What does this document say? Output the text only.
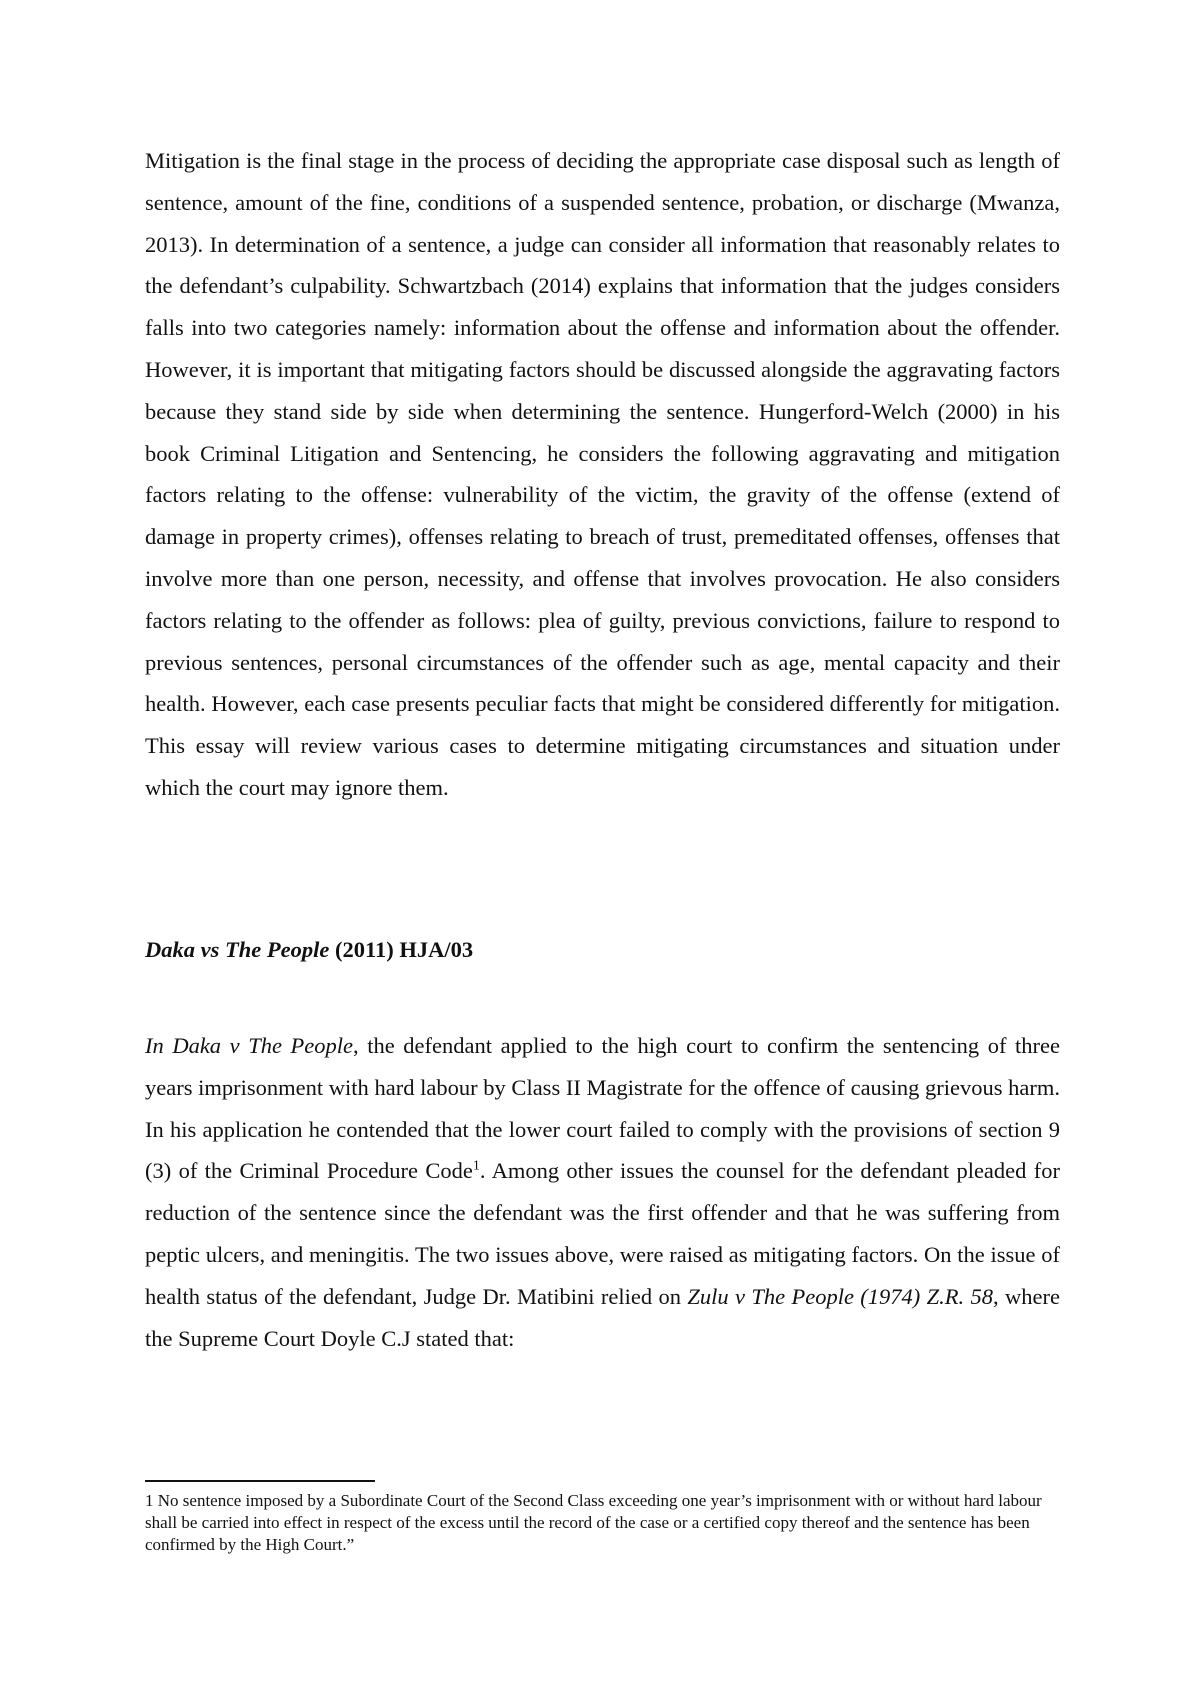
Mitigation is the final stage in the process of deciding the appropriate case disposal such as length of sentence, amount of the fine, conditions of a suspended sentence, probation, or discharge (Mwanza, 2013). In determination of a sentence, a judge can consider all information that reasonably relates to the defendant’s culpability. Schwartzbach (2014) explains that information that the judges considers falls into two categories namely: information about the offense and information about the offender. However, it is important that mitigating factors should be discussed alongside the aggravating factors because they stand side by side when determining the sentence. Hungerford-Welch (2000) in his book Criminal Litigation and Sentencing, he considers the following aggravating and mitigation factors relating to the offense: vulnerability of the victim, the gravity of the offense (extend of damage in property crimes), offenses relating to breach of trust, premeditated offenses, offenses that involve more than one person, necessity, and offense that involves provocation. He also considers factors relating to the offender as follows: plea of guilty, previous convictions, failure to respond to previous sentences, personal circumstances of the offender such as age, mental capacity and their health. However, each case presents peculiar facts that might be considered differently for mitigation. This essay will review various cases to determine mitigating circumstances and situation under which the court may ignore them.

Daka vs The People (2011) HJA/03

In Daka v The People, the defendant applied to the high court to confirm the sentencing of three years imprisonment with hard labour by Class II Magistrate for the offence of causing grievous harm. In his application he contended that the lower court failed to comply with the provisions of section 9 (3) of the Criminal Procedure Code$^1$. Among other issues the counsel for the defendant pleaded for reduction of the sentence since the defendant was the first offender and that he was suffering from peptic ulcers, and meningitis. The two issues above, were raised as mitigating factors. On the issue of health status of the defendant, Judge Dr. Matibini relied on Zulu v The People (1974) Z.R. 58, where the Supreme Court Doyle C.J stated that:

1 No sentence imposed by a Subordinate Court of the Second Class exceeding one year’s imprisonment with or without hard labour shall be carried into effect in respect of the excess until the record of the case or a certified copy thereof and the sentence has been confirmed by the High Court.”
